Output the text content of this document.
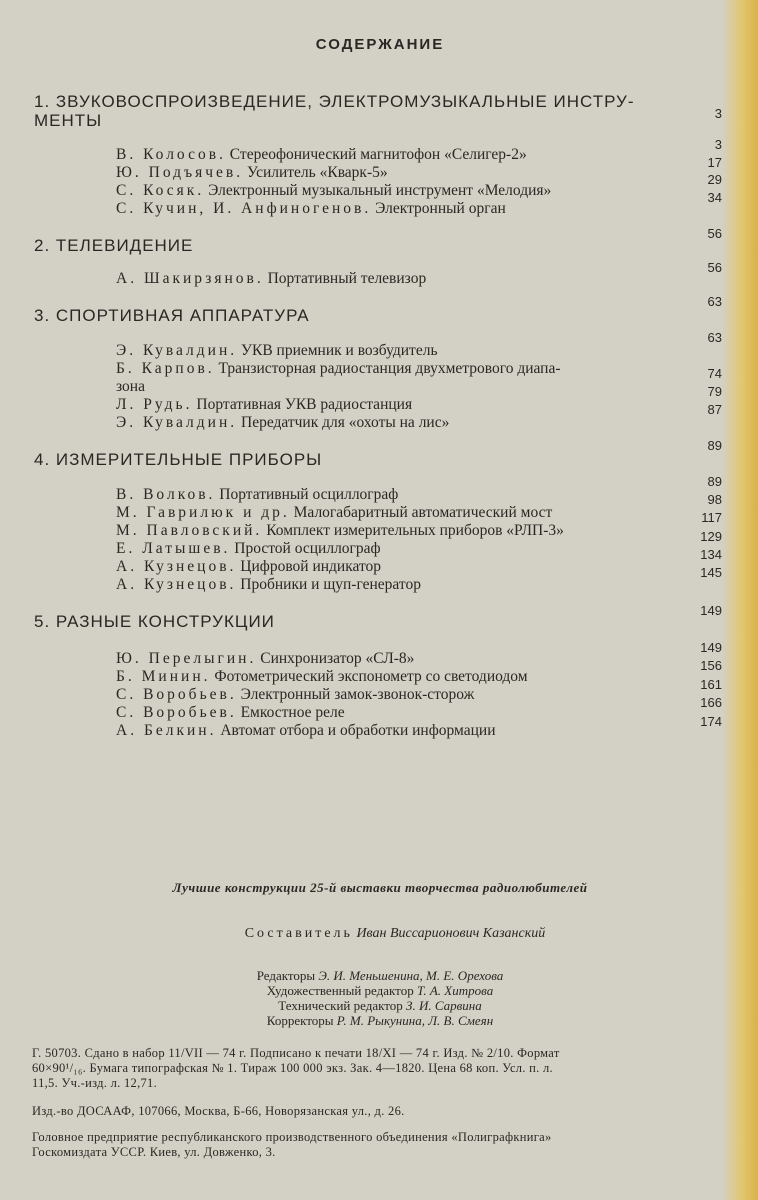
СОДЕРЖАНИЕ
1. ЗВУКОВОСПРОИЗВЕДЕНИЕ, ЭЛЕКТРОМУЗЫКАЛЬНЫЕ ИНСТРУ-
МЕНТЫ	3
В. Колосов. Стереофонический магнитофон «Селигер-2»
3
Ю. Подъячев. Усилитель «Кварк-5»
17
С. Косяк. Электронный музыкальный инструмент «Мелодия»
29
С. Кучин, И. Анфиногенов. Электронный орган
34
2. ТЕЛЕВИДЕНИЕ
56
А. Шакирзянов. Портативный телевизор
56
3. СПОРТИВНАЯ АППАРАТУРА
63
Э. Кувалдин. УКВ приемник и возбудитель
63
Б. Карпов. Транзисторная радиостанция двухметрового диапа-
зона
74
Л. Рудь. Портативная УКВ радиостанция
79
Э. Кувалдин. Передатчик для «охоты на лис»
87
4. ИЗМЕРИТЕЛЬНЫЕ ПРИБОРЫ
89
В. Волков. Портативный осциллограф
89
М. Гаврилюк и др. Малогабаритный автоматический мост
98
М. Павловский. Комплект измерительных приборов «РЛП-3»
117
Е. Латышев. Простой осциллограф
129
А. Кузнецов. Цифровой индикатор
134
А. Кузнецов. Пробники и щуп-генератор
145
5. РАЗНЫЕ КОНСТРУКЦИИ
149
Ю. Перелыгин. Синхронизатор «СЛ-8»
149
Б. Минин. Фотометрический экспонометр со светодиодом
156
С. Воробьев. Электронный замок-звонок-сторож
161
С. Воробьев. Емкостное реле
166
А. Белкин. Автомат отбора и обработки информации
174
Лучшие конструкции 25-й выставки творчества радиолюбителей
Составитель Иван Виссарионович Казанский
Редакторы Э. И. Меньшенина, М. Е. Орехова
Художественный редактор Т. А. Хитрова
Технический редактор З. И. Сарвина
Корректоры Р. М. Рыкунина, Л. В. Смеян
Г. 50703. Сдано в набор 11/VII — 74 г. Подписано к печати 18/XI — 74 г. Изд. № 2/10. Формат
60×90¹/₁₆. Бумага типографская № 1. Тираж 100 000 экз. Зак. 4—1820. Цена 68 коп. Усл. п. л.
11,5. Уч.-изд. л. 12,71.
Изд.-во ДОСААФ, 107066, Москва, Б-66, Новорязанская ул., д. 26.
Головное предприятие республиканского производственного объединения «Полиграфкнига»
Госкомиздата УССР. Киев, ул. Довженко, 3.
